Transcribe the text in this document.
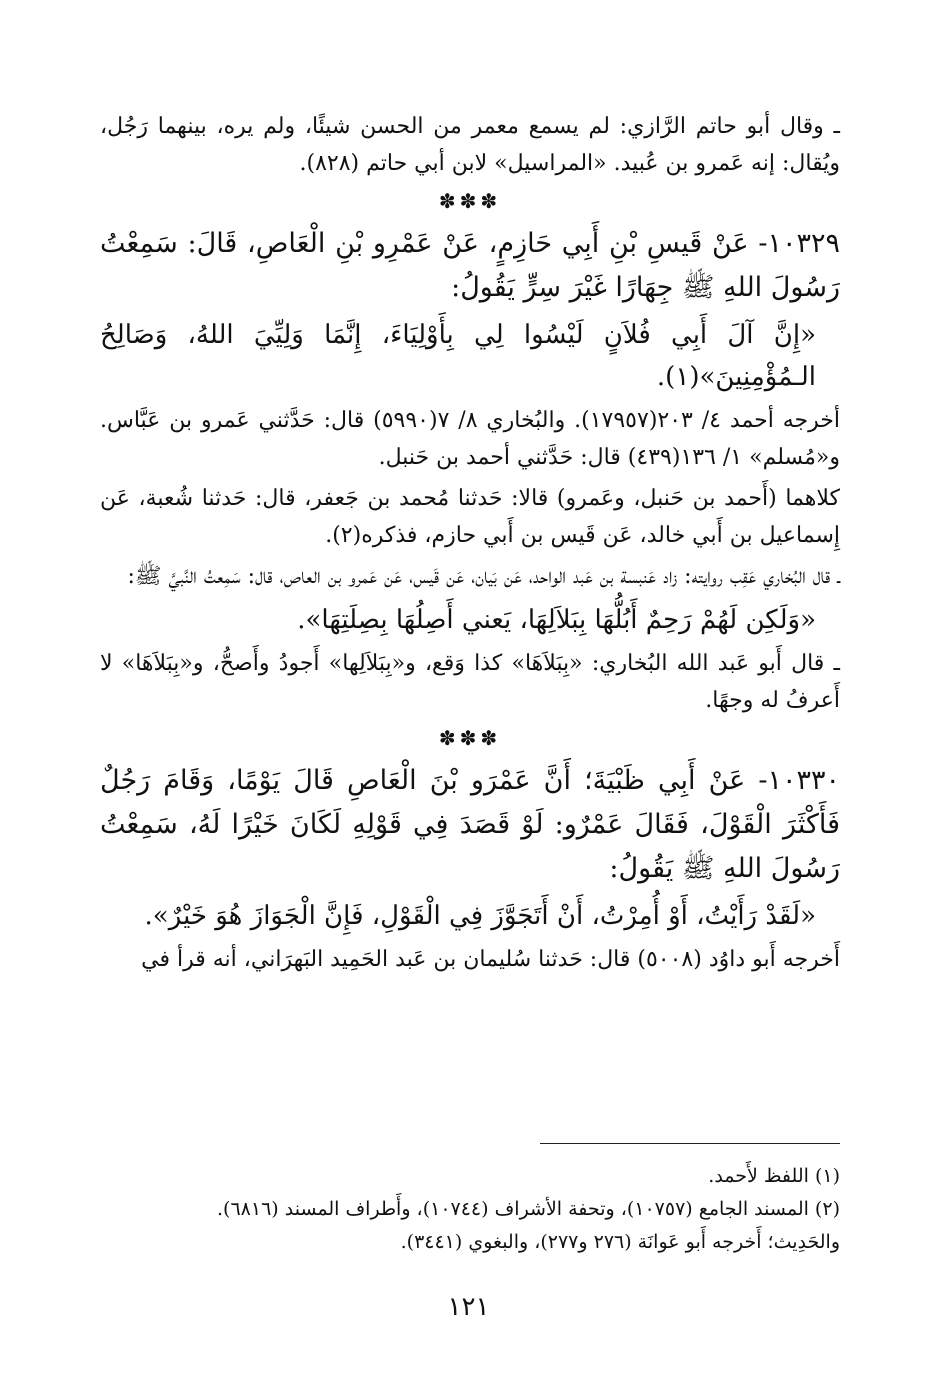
ـ وقال أبو حاتم الرَّازي: لم يسمع معمر من الحسن شيئًا، ولم يره، بينهما رَجُل، ويُقال: إنه عَمرو بن عُبيد. «المراسيل» لابن أبي حاتم (٨٢٨).

✽✽✽

١٠٣٢٩- عَنْ قَيسِ بْنِ أَبِي حَازِمٍ، عَنْ عَمْرِو بْنِ الْعَاصِ، قَالَ: سَمِعْتُ رَسُولَ اللهِ ﷺ جِهَارًا غَيْرَ سِرٍّ يَقُولُ:

«إِنَّ آلَ أَبِي فُلاَنٍ لَيْسُوا لِي بِأَوْلِيَاءَ، إِنَّمَا وَلِيِّيَ اللهُ، وَصَالِحُ الـمُؤْمِنِينَ»(١).

أخرجه أحمد ٤/ ٢٠٣(١٧٩٥٧). والبُخاري ٨/ ٧(٥٩٩٠) قال: حَدَّثني عَمرو بن عَبَّاس. و«مُسلم» ١/ ١٣٦(٤٣٩) قال: حَدَّثني أحمد بن حَنبل.

كلاهما (أَحمد بن حَنبل، وعَمرو) قالا: حَدثنا مُحمد بن جَعفر، قال: حَدثنا شُعبة، عَن إِسماعيل بن أَبي خالد، عَن قَيس بن أَبي حازم، فذكره(٢).

ـ قال البُخاري عَقِب روايته: زاد عَنبسة بن عَبد الواحد، عَن بَيان، عَن قَيس، عَن عَمرو بن العاص، قال: سَمِعتُ النَّبيَّ ﷺ:

«وَلَكِن لَهُمْ رَحِمٌ أَبُلُّهَا بِبَلاَلِهَا، يَعني أَصِلُهَا بِصِلَتِهَا».

ـ قال أَبو عَبد الله البُخاري: «بِبَلاَهَا» كذا وَقع، و«بِبَلاَلِها» أَجودُ وأَصحُّ، و«بِبَلاَهَا» لا أَعرفُ له وجهًا.

✽✽✽

١٠٣٣٠- عَنْ أَبِي ظَبْيَةَ؛ أَنَّ عَمْرَو بْنَ الْعَاصِ قَالَ يَوْمًا، وَقَامَ رَجُلٌ فَأَكْثَرَ الْقَوْلَ، فَقَالَ عَمْرٌو: لَوْ قَصَدَ فِي قَوْلِهِ لَكَانَ خَيْرًا لَهُ، سَمِعْتُ رَسُولَ اللهِ ﷺ يَقُولُ:

«لَقَدْ رَأَيْتُ، أَوْ أُمِرْتُ، أَنْ أَتَجَوَّزَ فِي الْقَوْلِ، فَإِنَّ الْجَوَازَ هُوَ خَيْرٌ».

أَخرجه أَبو داوُد (٥٠٠٨) قال: حَدثنا سُليمان بن عَبد الحَمِيد البَهرَاني، أنه قرأ في

(١) اللفظ لأَحمد.

(٢) المسند الجامع (١٠٧٥٧)، وتحفة الأشراف (١٠٧٤٤)، وأَطراف المسند (٦٨١٦).

والحَدِيث؛ أَخرجه أَبو عَوانَة (٢٧٦ و٢٧٧)، والبغوي (٣٤٤١).

١٢١
